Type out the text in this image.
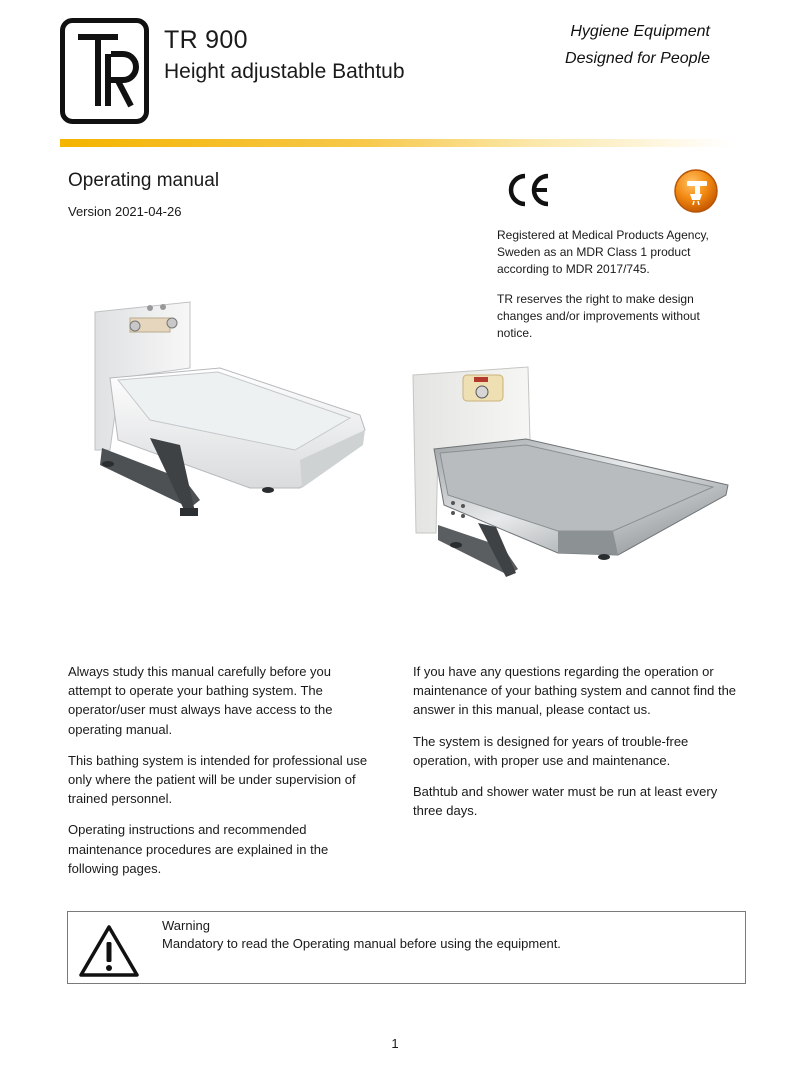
TR 900
Height adjustable Bathtub
Hygiene Equipment
Designed for People
Operating manual
Version 2021-04-26
Registered at Medical Products Agency, Sweden as an MDR Class 1 product according to MDR 2017/745.
TR reserves the right to make design changes and/or improvements without notice.

Always study this manual carefully before you attempt to operate your bathing system. The operator/user must always have access to the operating manual.

This bathing system is intended for professional use only where the patient will be under supervision of trained personnel.

Operating instructions and recommended maintenance procedures are explained in the following pages.

If you have any questions regarding the operation or maintenance of your bathing system and cannot find the answer in this manual, please contact us.

The system is designed for years of trouble-free operation, with proper use and maintenance.

Bathtub and shower water must be run at least every three days.

Warning
Mandatory to read the Operating manual before using the equipment.
1
